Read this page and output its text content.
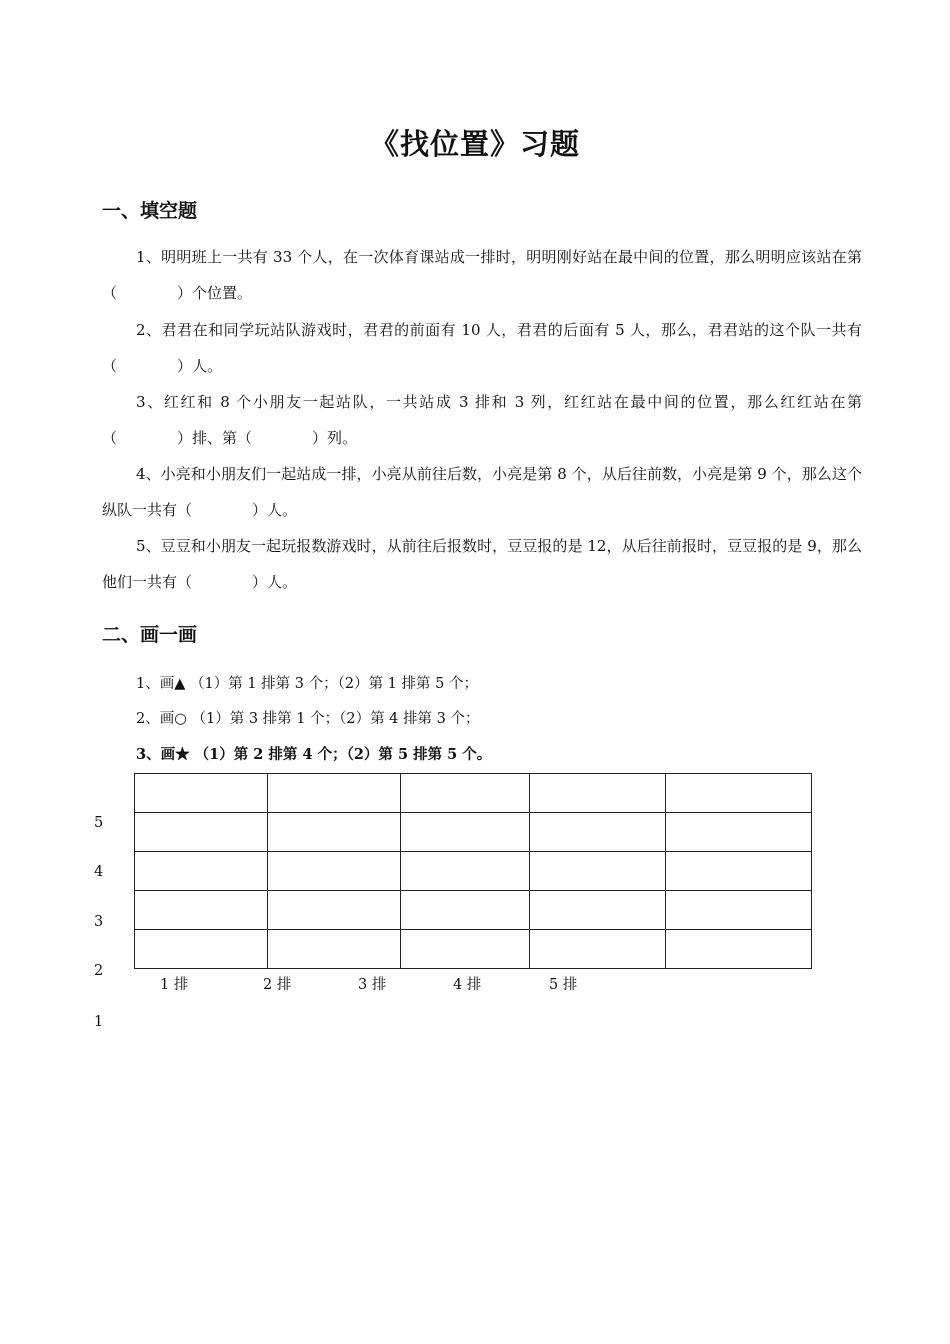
《找位置》习题
一、填空题
1、明明班上一共有 33 个人，在一次体育课站成一排时，明明刚好站在最中间的位置，那么明明应该站在第（　　　　）个位置。
2、君君在和同学玩站队游戏时，君君的前面有 10 人，君君的后面有 5 人，那么，君君站的这个队一共有（　　　　）人。
3、红红和 8 个小朋友一起站队，一共站成 3 排和 3 列，红红站在最中间的位置，那么红红站在第（　　　　）排、第（　　　　）列。
4、小亮和小朋友们一起站成一排，小亮从前往后数，小亮是第 8 个，从后往前数，小亮是第 9 个，那么这个纵队一共有（　　　　）人。
5、豆豆和小朋友一起玩报数游戏时，从前往后报数时，豆豆报的是 12，从后往前报时，豆豆报的是 9，那么他们一共有（　　　　）人。
二、画一画
1、画▲ （1）第 1 排第 3 个；（2）第 1 排第 5 个；
2、画○ （1）第 3 排第 1 个；（2）第 4 排第 3 个；
3、画★ （1）第 2 排第 4 个；（2）第 5 排第 5 个。

5
4
3
2
1
1 排	2 排	3 排	4 排	5 排
